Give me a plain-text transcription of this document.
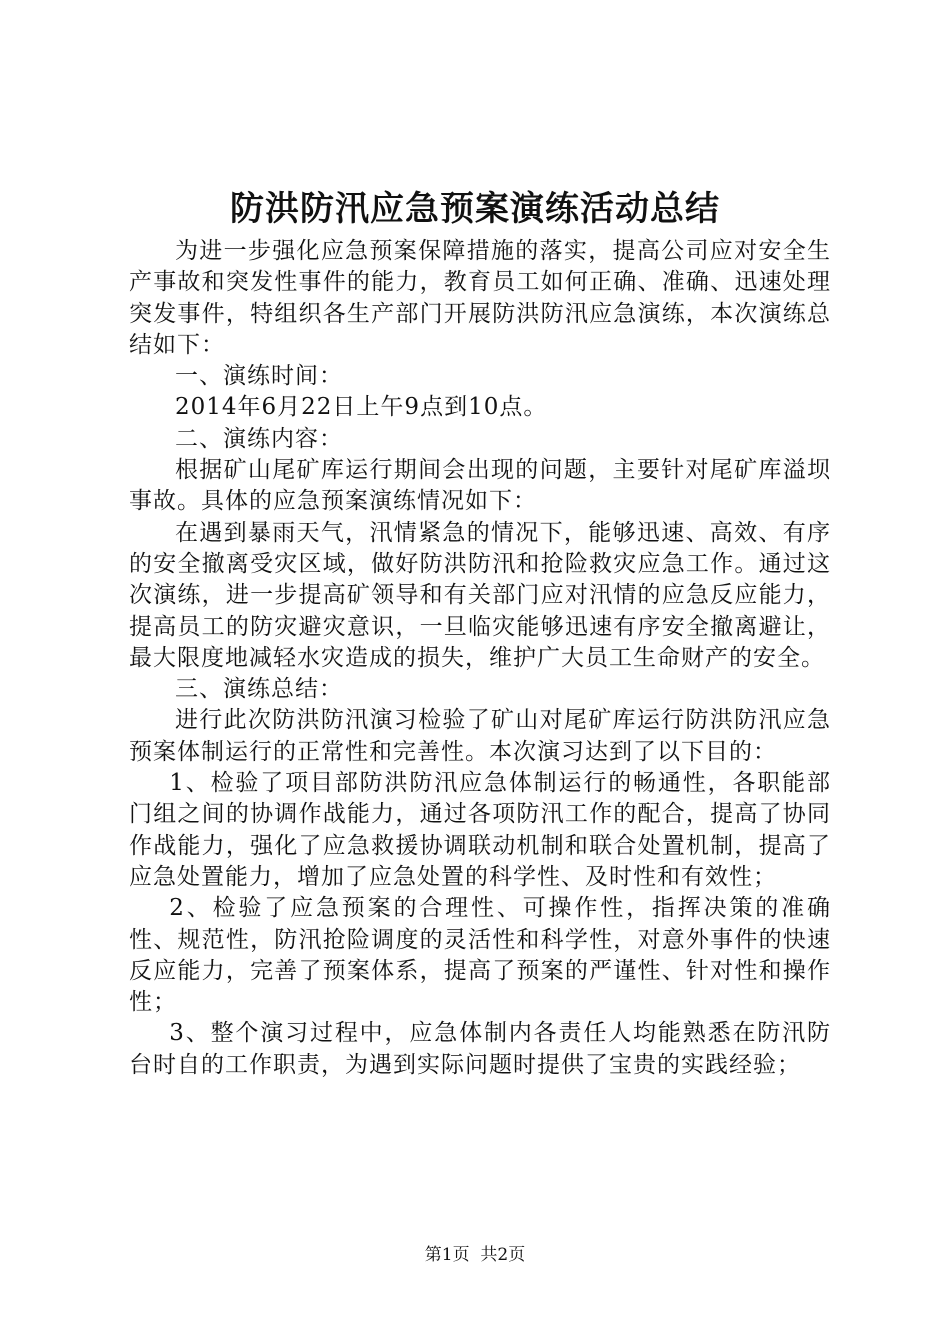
防洪防汛应急预案演练活动总结

为进一步强化应急预案保障措施的落实，提高公司应对安全生产事故和突发性事件的能力，教育员工如何正确、准确、迅速处理突发事件，特组织各生产部门开展防洪防汛应急演练，本次演练总结如下：

一、演练时间：

2014年6月22日上午9点到10点。

二、演练内容：

根据矿山尾矿库运行期间会出现的问题，主要针对尾矿库溢坝事故。具体的应急预案演练情况如下：

在遇到暴雨天气，汛情紧急的情况下，能够迅速、高效、有序的安全撤离受灾区域，做好防洪防汛和抢险救灾应急工作。通过这次演练，进一步提高矿领导和有关部门应对汛情的应急反应能力，提高员工的防灾避灾意识，一旦临灾能够迅速有序安全撤离避让，最大限度地减轻水灾造成的损失，维护广大员工生命财产的安全。

三、演练总结：

进行此次防洪防汛演习检验了矿山对尾矿库运行防洪防汛应急预案体制运行的正常性和完善性。本次演习达到了以下目的：

1、检验了项目部防洪防汛应急体制运行的畅通性，各职能部门组之间的协调作战能力，通过各项防汛工作的配合，提高了协同作战能力，强化了应急救援协调联动机制和联合处置机制，提高了应急处置能力，增加了应急处置的科学性、及时性和有效性；

2、检验了应急预案的合理性、可操作性，指挥决策的准确性、规范性，防汛抢险调度的灵活性和科学性，对意外事件的快速反应能力，完善了预案体系，提高了预案的严谨性、针对性和操作性；

3、整个演习过程中，应急体制内各责任人均能熟悉在防汛防台时自的工作职责，为遇到实际问题时提供了宝贵的实践经验；

第1页  共2页
